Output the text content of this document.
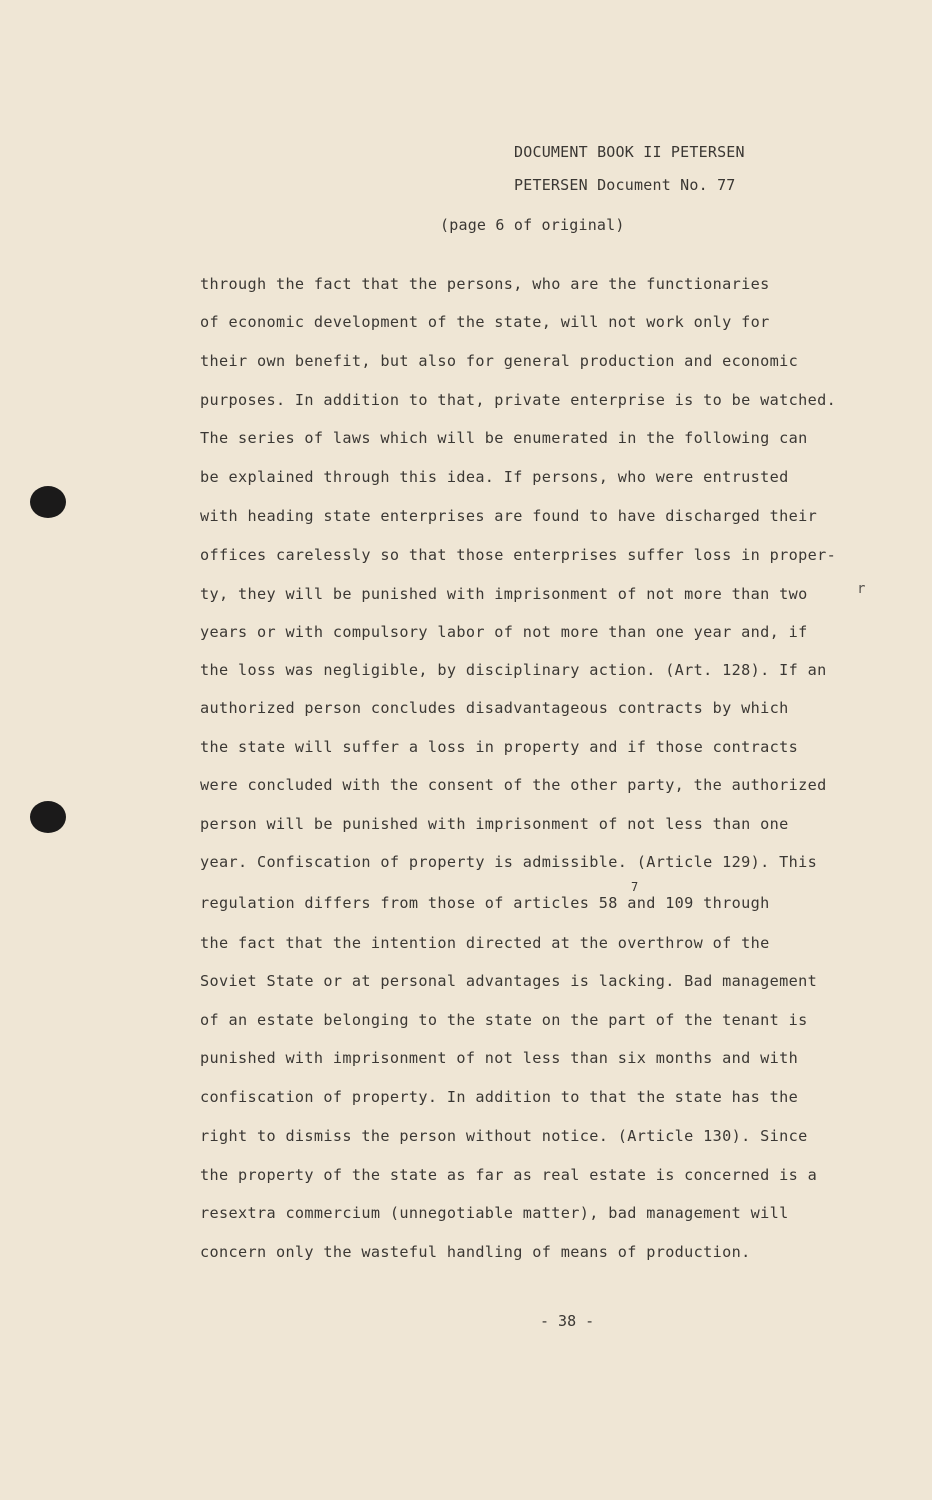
DOCUMENT BOOK II PETERSEN
PETERSEN Document No. 77
(page 6 of original)
r
through the fact that the persons, who are the functionaries
of economic development of the state, will not work only for
their own benefit, but also for general production and economic
purposes. In addition to that, private enterprise is to be watched.
The series of laws which will be enumerated in the following can
be explained through this idea. If persons, who were entrusted
with heading state enterprises are found to have discharged their
offices carelessly so that those enterprises suffer loss in proper-
ty, they will be punished with imprisonment of not more than two
years or with compulsory labor of not more than one year and, if
the loss was negligible, by disciplinary action. (Art. 128). If an
authorized person concludes disadvantageous contracts by which
the state will suffer a loss in property and if those contracts
were concluded with the consent of the other party, the authorized
person will be punished with imprisonment of not less than one
year. Confiscation of property is admissible. (Article 129). This
regulation differs from those of articles 58 and 109 through
7
the fact that the intention directed at the overthrow of the
Soviet State or at personal advantages is lacking. Bad management
of an estate belonging to the state on the part of the tenant is
punished with imprisonment of not less than six months and with
confiscation of property. In addition to that the state has the
right to dismiss the person without notice. (Article 130). Since
the property of the state as far as real estate is concerned is a
resextra commercium (unnegotiable matter), bad management will
concern only the wasteful handling of means of production.
- 38 -
